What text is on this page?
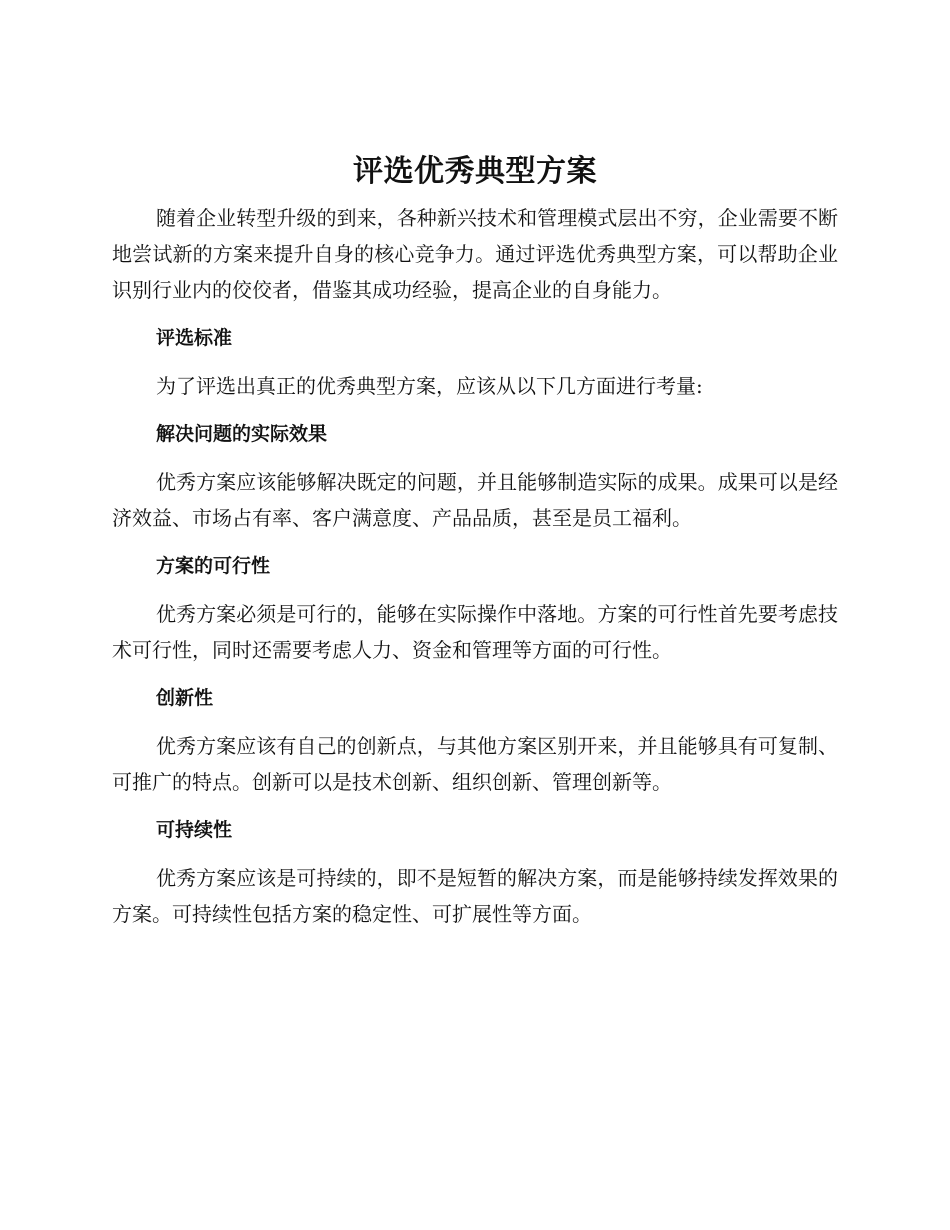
评选优秀典型方案

随着企业转型升级的到来，各种新兴技术和管理模式层出不穷，企业需要不断地尝试新的方案来提升自身的核心竞争力。通过评选优秀典型方案，可以帮助企业识别行业内的佼佼者，借鉴其成功经验，提高企业的自身能力。

评选标准

为了评选出真正的优秀典型方案，应该从以下几方面进行考量:

解决问题的实际效果

优秀方案应该能够解决既定的问题，并且能够制造实际的成果。成果可以是经济效益、市场占有率、客户满意度、产品品质，甚至是员工福利。

方案的可行性

优秀方案必须是可行的，能够在实际操作中落地。方案的可行性首先要考虑技术可行性，同时还需要考虑人力、资金和管理等方面的可行性。

创新性

优秀方案应该有自己的创新点，与其他方案区别开来，并且能够具有可复制、可推广的特点。创新可以是技术创新、组织创新、管理创新等。

可持续性

优秀方案应该是可持续的，即不是短暂的解决方案，而是能够持续发挥效果的方案。可持续性包括方案的稳定性、可扩展性等方面。
